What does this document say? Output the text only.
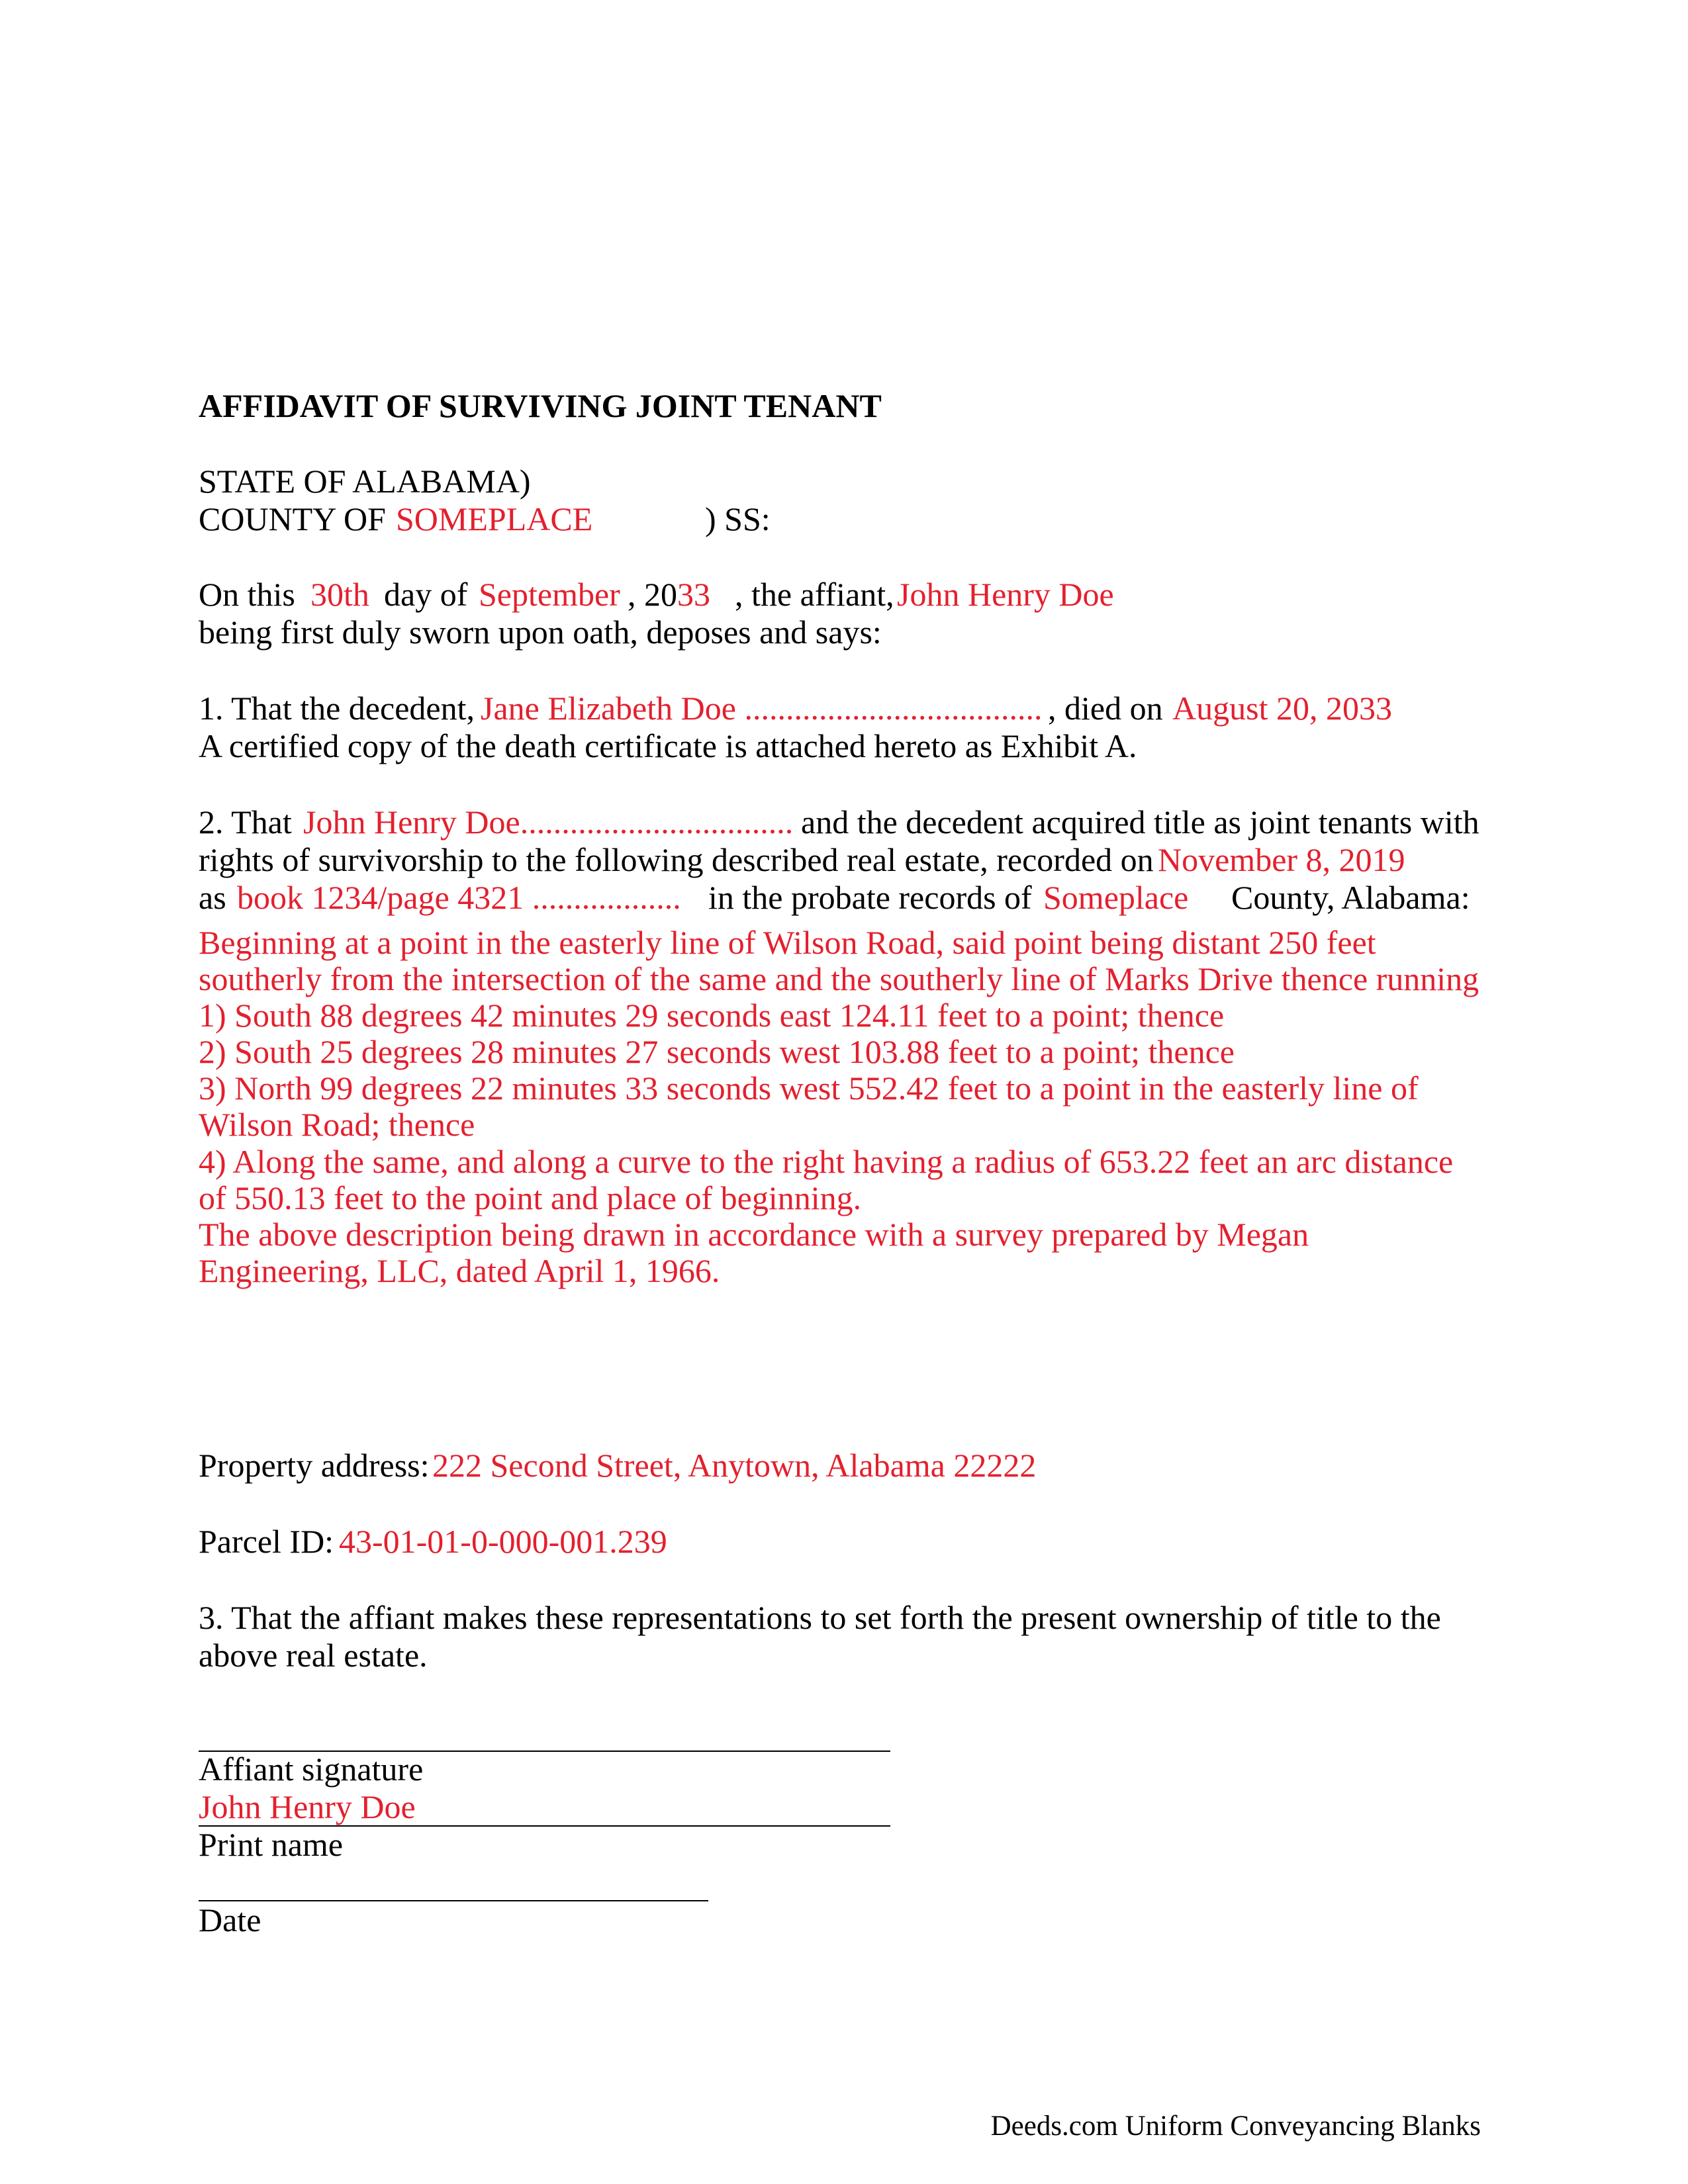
AFFIDAVIT OF SURVIVING JOINT TENANT
STATE OF ALABAMA)
COUNTY OF SOMEPLACE	) SS:
On this 30th day of September , 2033 , the affiant, John Henry Doe
being first duly sworn upon oath, deposes and says:
1. That the decedent, Jane Elizabeth Doe .................................... , died on August 20, 2033
A certified copy of the death certificate is attached hereto as Exhibit A.
2. That John Henry Doe................................. and the decedent acquired title as joint tenants with
rights of survivorship to the following described real estate, recorded on November 8, 2019
as book 1234/page 4321 .................. in the probate records of Someplace County, Alabama:
Beginning at a point in the easterly line of Wilson Road, said point being distant 250 feet
southerly from the intersection of the same and the southerly line of Marks Drive thence running
1) South 88 degrees 42 minutes 29 seconds east 124.11 feet to a point; thence
2) South 25 degrees 28 minutes 27 seconds west 103.88 feet to a point; thence
3) North 99 degrees 22 minutes 33 seconds west 552.42 feet to a point in the easterly line of
Wilson Road; thence
4) Along the same, and along a curve to the right having a radius of 653.22 feet an arc distance
of 550.13 feet to the point and place of beginning.
The above description being drawn in accordance with a survey prepared by Megan
Engineering, LLC, dated April 1, 1966.
Property address: 222 Second Street, Anytown, Alabama 22222
Parcel ID: 43-01-01-0-000-001.239
3. That the affiant makes these representations to set forth the present ownership of title to the
above real estate.
Affiant signature
John Henry Doe
Print name
Date
Deeds.com Uniform Conveyancing Blanks
